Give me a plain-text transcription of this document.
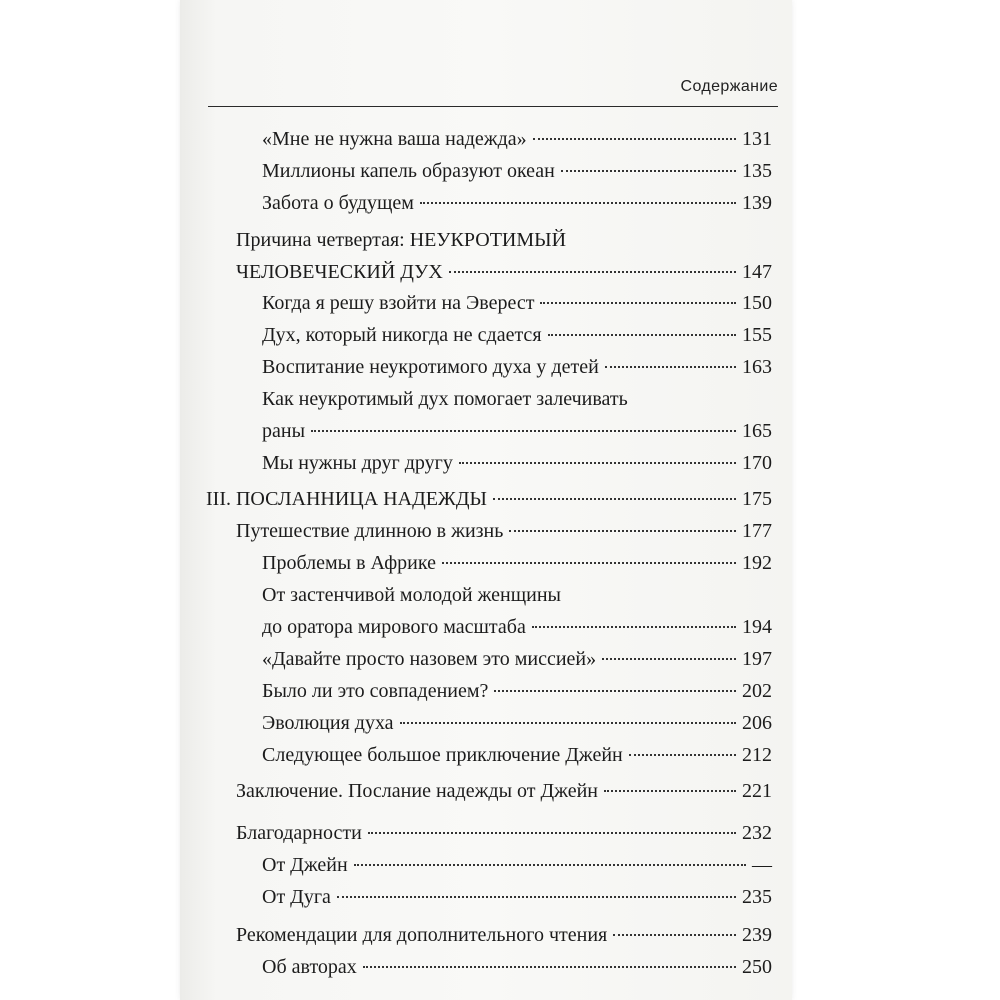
Содержание
«Мне не нужна ваша надежда»	131
Миллионы капель образуют океан	135
Забота о будущем	139
Причина четвертая: НЕУКРОТИМЫЙ
ЧЕЛОВЕЧЕСКИЙ ДУХ	147
Когда я решу взойти на Эверест	150
Дух, который никогда не сдается	155
Воспитание неукротимого духа у детей	163
Как неукротимый дух помогает залечивать
раны	165
Мы нужны друг другу	170
III. ПОСЛАННИЦА НАДЕЖДЫ	175
Путешествие длинною в жизнь	177
Проблемы в Африке	192
От застенчивой молодой женщины
до оратора мирового масштаба	194
«Давайте просто назовем это миссией»	197
Было ли это совпадением?	202
Эволюция духа	206
Следующее большое приключение Джейн	212
Заключение. Послание надежды от Джейн	221
Благодарности	232
От Джейн	—
От Дуга	235
Рекомендации для дополнительного чтения	239
Об авторах	250
